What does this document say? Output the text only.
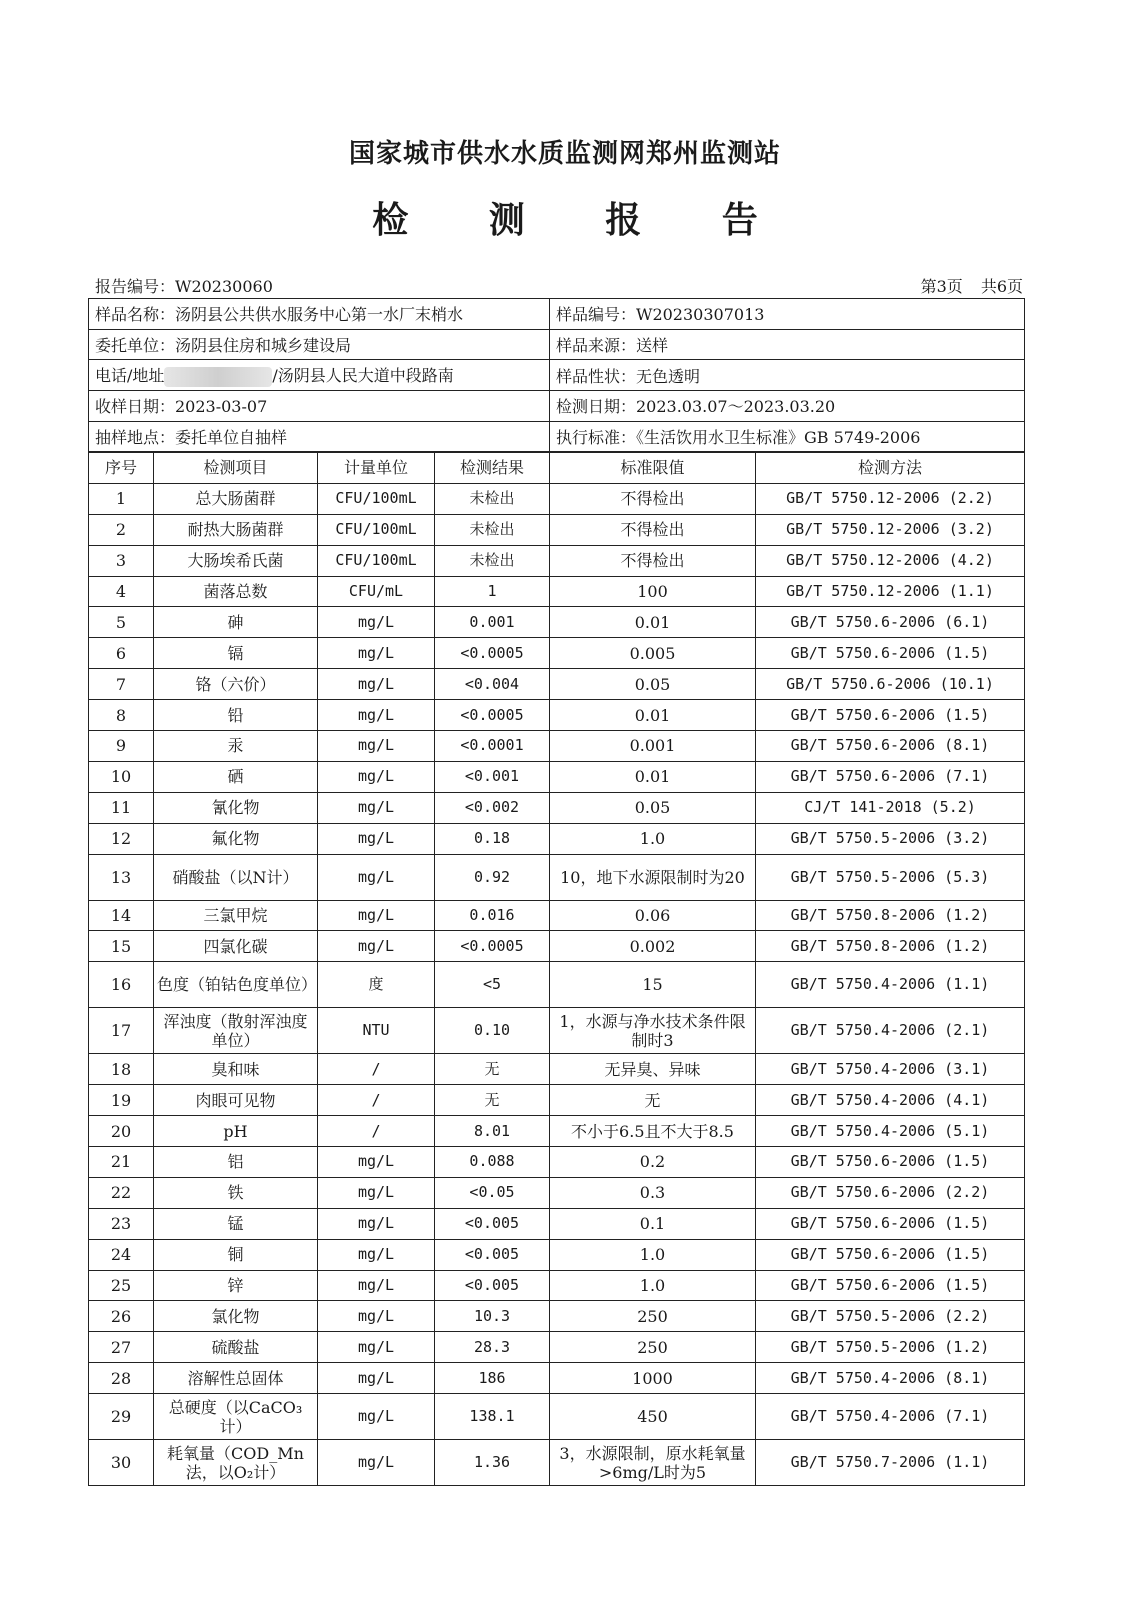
国家城市供水水质监测网郑州监测站
检 测 报 告
报告编号：W20230060	第3页 共6页
样品名称：汤阴县公共供水服务中心第一水厂末梢水	样品编号：W20230307013
委托单位：汤阴县住房和城乡建设局	样品来源：送样
电话/地址 /汤阴县人民大道中段路南	样品性状：无色透明
收样日期：2023-03-07	检测日期：2023.03.07～2023.03.20
抽样地点：委托单位自抽样	执行标准：《生活饮用水卫生标准》GB 5749-2006
序号	检测项目	计量单位	检测结果	标准限值	检测方法
1	总大肠菌群	CFU/100mL	未检出	不得检出	GB/T 5750.12-2006 (2.2)
2	耐热大肠菌群	CFU/100mL	未检出	不得检出	GB/T 5750.12-2006 (3.2)
3	大肠埃希氏菌	CFU/100mL	未检出	不得检出	GB/T 5750.12-2006 (4.2)
4	菌落总数	CFU/mL	1	100	GB/T 5750.12-2006 (1.1)
5	砷	mg/L	0.001	0.01	GB/T 5750.6-2006 (6.1)
6	镉	mg/L	<0.0005	0.005	GB/T 5750.6-2006 (1.5)
7	铬（六价）	mg/L	<0.004	0.05	GB/T 5750.6-2006 (10.1)
8	铅	mg/L	<0.0005	0.01	GB/T 5750.6-2006 (1.5)
9	汞	mg/L	<0.0001	0.001	GB/T 5750.6-2006 (8.1)
10	硒	mg/L	<0.001	0.01	GB/T 5750.6-2006 (7.1)
11	氰化物	mg/L	<0.002	0.05	CJ/T 141-2018 (5.2)
12	氟化物	mg/L	0.18	1.0	GB/T 5750.5-2006 (3.2)
13	硝酸盐（以N计）	mg/L	0.92	10，地下水源限制时为20	GB/T 5750.5-2006 (5.3)
14	三氯甲烷	mg/L	0.016	0.06	GB/T 5750.8-2006 (1.2)
15	四氯化碳	mg/L	<0.0005	0.002	GB/T 5750.8-2006 (1.2)
16	色度（铂钴色度单位）	度	<5	15	GB/T 5750.4-2006 (1.1)
17	浑浊度（散射浑浊度单位）	NTU	0.10	1，水源与净水技术条件限制时3	GB/T 5750.4-2006 (2.1)
18	臭和味	/	无	无异臭、异味	GB/T 5750.4-2006 (3.1)
19	肉眼可见物	/	无	无	GB/T 5750.4-2006 (4.1)
20	pH	/	8.01	不小于6.5且不大于8.5	GB/T 5750.4-2006 (5.1)
21	铝	mg/L	0.088	0.2	GB/T 5750.6-2006 (1.5)
22	铁	mg/L	<0.05	0.3	GB/T 5750.6-2006 (2.2)
23	锰	mg/L	<0.005	0.1	GB/T 5750.6-2006 (1.5)
24	铜	mg/L	<0.005	1.0	GB/T 5750.6-2006 (1.5)
25	锌	mg/L	<0.005	1.0	GB/T 5750.6-2006 (1.5)
26	氯化物	mg/L	10.3	250	GB/T 5750.5-2006 (2.2)
27	硫酸盐	mg/L	28.3	250	GB/T 5750.5-2006 (1.2)
28	溶解性总固体	mg/L	186	1000	GB/T 5750.4-2006 (8.1)
29	总硬度（以CaCO₃计）	mg/L	138.1	450	GB/T 5750.4-2006 (7.1)
30	耗氧量（COD_Mn法，以O₂计）	mg/L	1.36	3，水源限制，原水耗氧量>6mg/L时为5	GB/T 5750.7-2006 (1.1)
